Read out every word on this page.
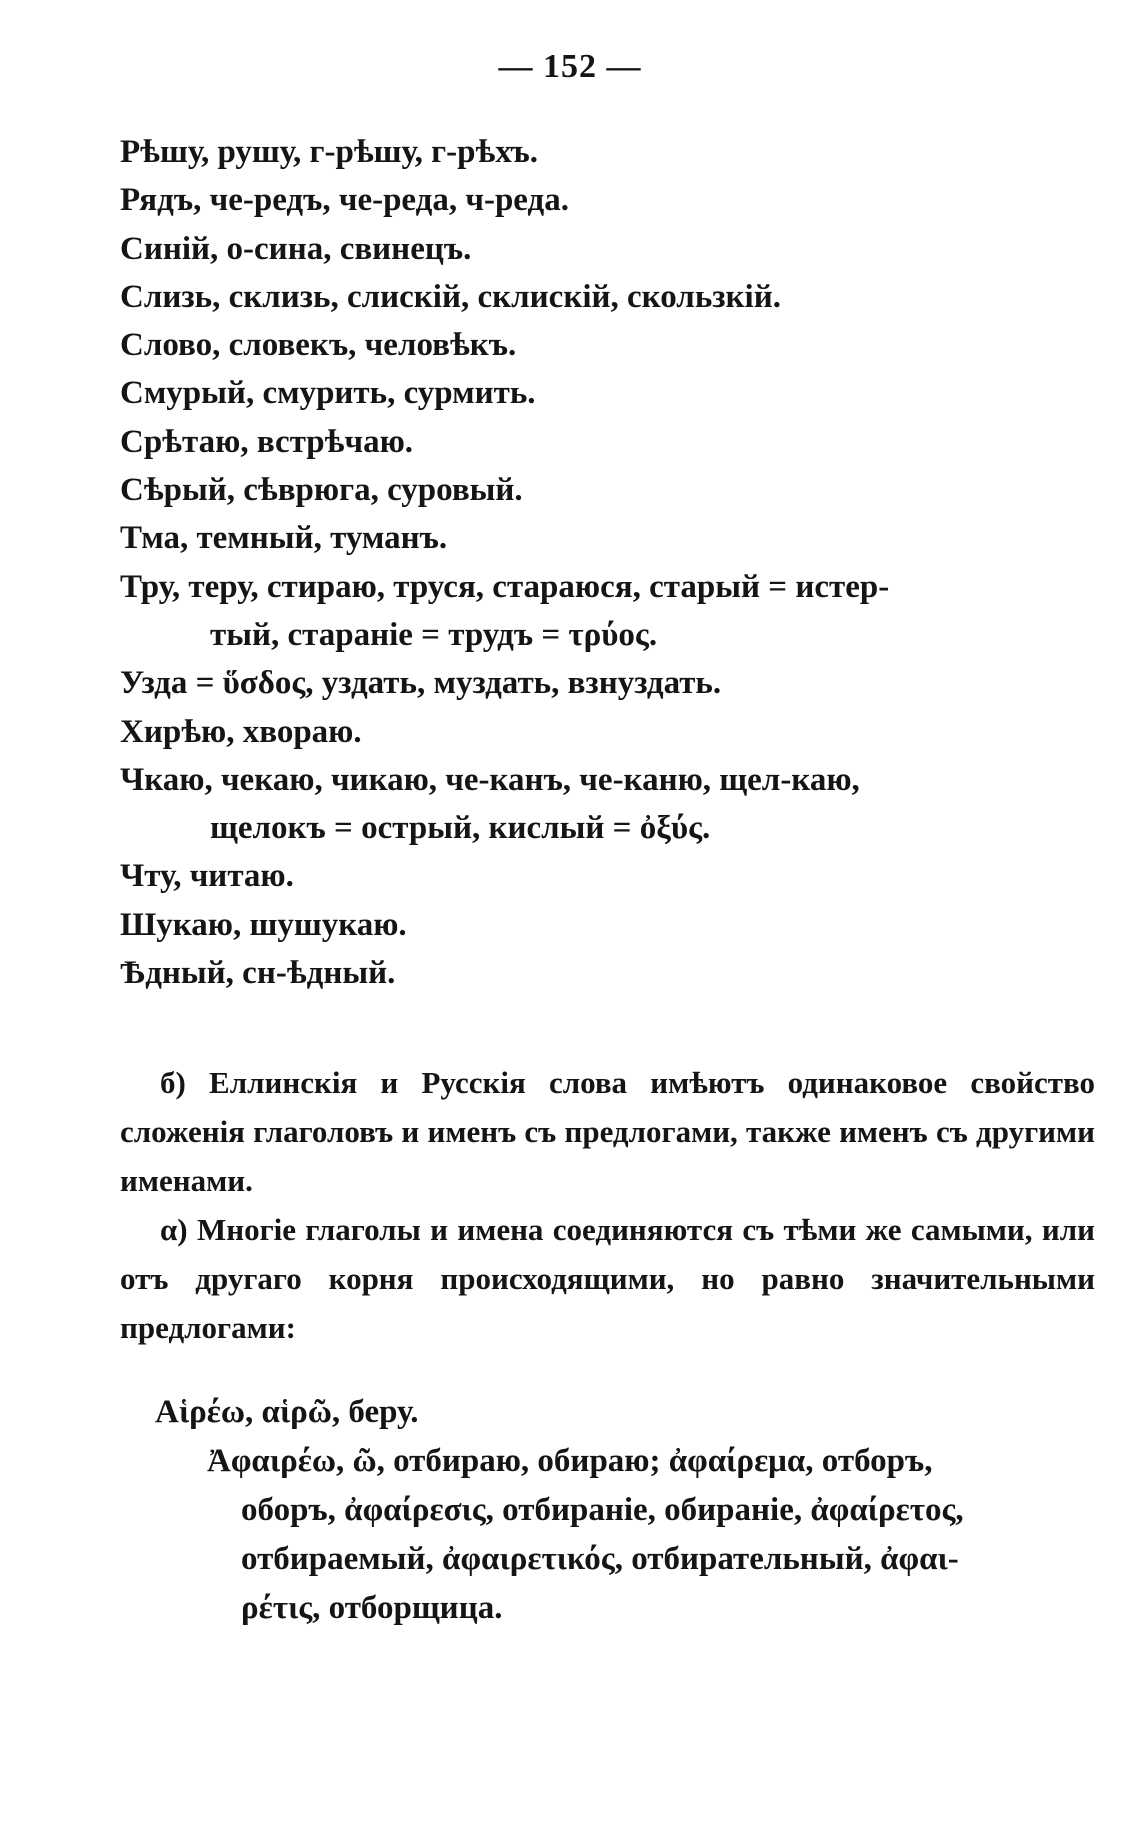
— 152 —
Рѣшу, рушу, г-рѣшу, г-рѣхъ.
Рядъ, че-редъ, че-реда, ч-реда.
Синій, о-сина, свинецъ.
Слизь, склизь, слискій, склискій, скользкій.
Слово, словекъ, человѣкъ.
Смурый, смурить, сурмить.
Срѣтаю, встрѣчаю.
Сѣрый, сѣврюга, суровый.
Тма, темный, туманъ.
Тру, теру, стираю, труся, стараюся, старый = истер-
тый, стараніе = трудъ = τρύος.
Узда = ὕσδος, уздать, муздать, взнуздать.
Хирѣю, хвораю.
Чкаю, чекаю, чикаю, че-канъ, че-каню, щел-каю,
щелокъ = острый, кислый = ὀξύς.
Чту, читаю.
Шукаю, шушукаю.
Ѣдный, сн-ѣдный.

б) Еллинскія и Русскія слова имѣютъ одинаковое свойство сложенія глаголовъ и именъ съ предлогами, также именъ съ другими именами.

α) Многіе глаголы и имена соединяются съ тѣми же самыми, или отъ другаго корня происходящими, но равно значительными предлогами:

Αἱρέω, αἱρῶ, беру.
Ἀφαιρέω, ῶ, отбираю, обираю; ἀφαίρεμα, отборъ,
оборъ, ἀφαίρεσις, отбираніе, обираніе, ἀφαίρετος,
отбираемый, ἀφαιρετικός, отбирательный, ἀφαι-
ρέτις, отборщица.
